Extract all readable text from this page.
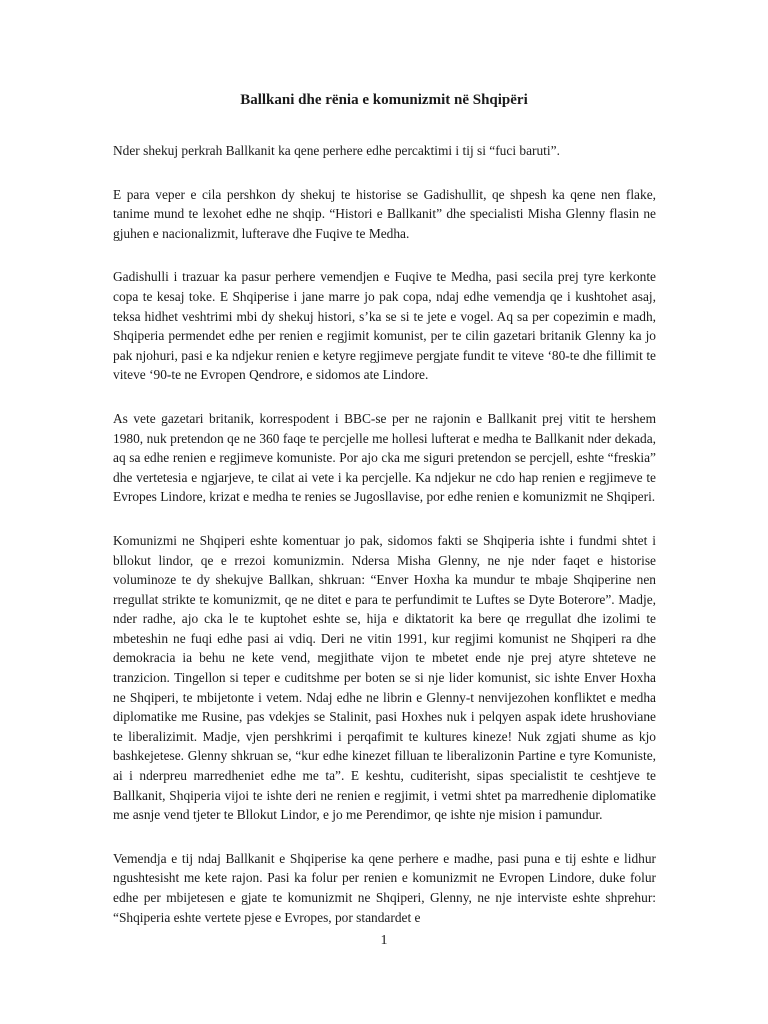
Ballkani dhe rënia e komunizmit në Shqipëri

Nder shekuj perkrah Ballkanit ka qene perhere edhe percaktimi i tij si “fuci baruti”.

E para veper e cila pershkon dy shekuj te historise se Gadishullit, qe shpesh ka qene nen flake, tanime mund te lexohet edhe ne shqip. “Histori e Ballkanit” dhe specialisti Misha Glenny flasin ne gjuhen e nacionalizmit, lufterave dhe Fuqive te Medha.

Gadishulli i trazuar ka pasur perhere vemendjen e Fuqive te Medha, pasi secila prej tyre kerkonte copa te kesaj toke. E Shqiperise i jane marre jo pak copa, ndaj edhe vemendja qe i kushtohet asaj, teksa hidhet veshtrimi mbi dy shekuj histori, s’ka se si te jete e vogel. Aq sa per copezimin e madh, Shqiperia permendet edhe per renien e regjimit komunist, per te cilin gazetari britanik Glenny ka jo pak njohuri, pasi e ka ndjekur renien e ketyre regjimeve pergjate fundit te viteve ‘80-te dhe fillimit te viteve ‘90-te ne Evropen Qendrore, e sidomos ate Lindore.

As vete gazetari britanik, korrespodent i BBC-se per ne rajonin e Ballkanit prej vitit te hershem 1980, nuk pretendon qe ne 360 faqe te percjelle me hollesi lufterat e medha te Ballkanit nder dekada, aq sa edhe renien e regjimeve komuniste. Por ajo cka me siguri pretendon se percjell, eshte “freskia” dhe vertetesia e ngjarjeve, te cilat ai vete i ka percjelle. Ka ndjekur ne cdo hap renien e regjimeve te Evropes Lindore, krizat e medha te renies se Jugosllavise, por edhe renien e komunizmit ne Shqiperi.

Komunizmi ne Shqiperi eshte komentuar jo pak, sidomos fakti se Shqiperia ishte i fundmi shtet i bllokut lindor, qe e rrezoi komunizmin. Ndersa Misha Glenny, ne nje nder faqet e historise voluminoze te dy shekujve Ballkan, shkruan: “Enver Hoxha ka mundur te mbaje Shqiperine nen rregullat strikte te komunizmit, qe ne ditet e para te perfundimit te Luftes se Dyte Boterore”. Madje, nder radhe, ajo cka le te kuptohet eshte se, hija e diktatorit ka bere qe rregullat dhe izolimi te mbeteshin ne fuqi edhe pasi ai vdiq. Deri ne vitin 1991, kur regjimi komunist ne Shqiperi ra dhe demokracia ia behu ne kete vend, megjithate vijon te mbetet ende nje prej atyre shteteve ne tranzicion. Tingellon si teper e cuditshme per boten se si nje lider komunist, sic ishte Enver Hoxha ne Shqiperi, te mbijetonte i vetem. Ndaj edhe ne librin e Glenny-t nenvijezohen konfliktet e medha diplomatike me Rusine, pas vdekjes se Stalinit, pasi Hoxhes nuk i pelqyen aspak idete hrushoviane te liberalizimit. Madje, vjen pershkrimi i perqafimit te kultures kineze! Nuk zgjati shume as kjo bashkejetese. Glenny shkruan se, “kur edhe kinezet filluan te liberalizonin Partine e tyre Komuniste, ai i nderpreu marredheniet edhe me ta”. E keshtu, cuditerisht, sipas specialistit te ceshtjeve te Ballkanit, Shqiperia vijoi te ishte deri ne renien e regjimit, i vetmi shtet pa marredhenie diplomatike me asnje vend tjeter te Bllokut Lindor, e jo me Perendimor, qe ishte nje mision i pamundur.

Vemendja e tij ndaj Ballkanit e Shqiperise ka qene perhere e madhe, pasi puna e tij eshte e lidhur ngushtesisht me kete rajon. Pasi ka folur per renien e komunizmit ne Evropen Lindore, duke folur edhe per mbijetesen e gjate te komunizmit ne Shqiperi, Glenny, ne nje interviste eshte shprehur: “Shqiperia eshte vertete pjese e Evropes, por standardet e

1
